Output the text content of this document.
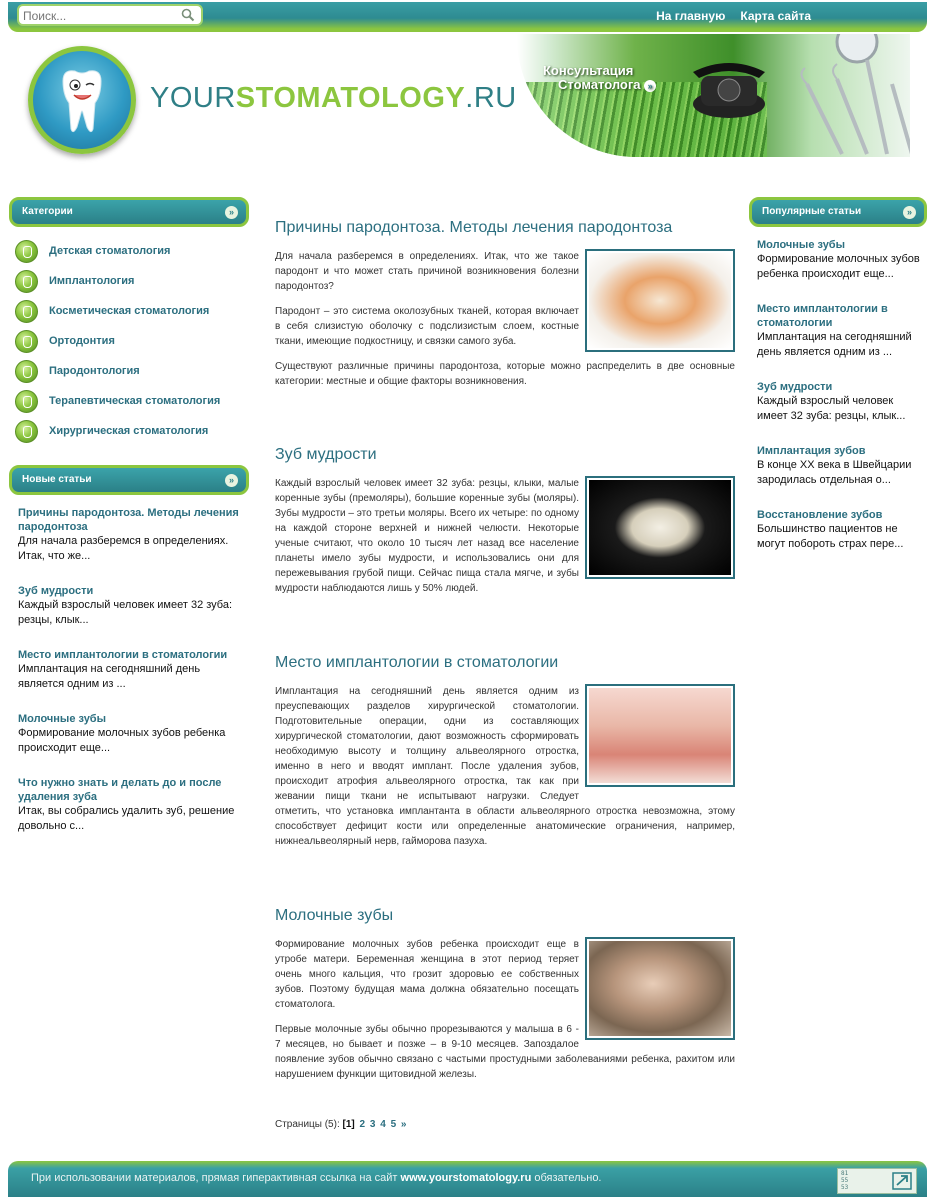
Поиск...
На главную Карта сайта
YOURSTOMATOLOGY.RU
Консультация
Стоматолога »
Категории	»
Детская стоматология
Имплантология
Косметическая стоматология
Ортодонтия
Пародонтология
Терапевтическая стоматология
Хирургическая стоматология
Новые статьи	»
Причины пародонтоза. Методы лечения пародонтоза
Для начала разберемся в определениях. Итак, что же...
Зуб мудрости
Каждый взрослый человек имеет 32 зуба: резцы, клык...
Место имплантологии в стоматологии
Имплантация на сегодняшний день является одним из ...
Молочные зубы
Формирование молочных зубов ребенка происходит еще...
Что нужно знать и делать до и после удаления зуба
Итак, вы собрались удалить зуб, решение довольно с...
Популярные статьи	»
Молочные зубы
Формирование молочных зубов ребенка происходит еще...
Место имплантологии в стоматологии
Имплантация на сегодняшний день является одним из ...
Зуб мудрости
Каждый взрослый человек имеет 32 зуба: резцы, клык...
Имплантация зубов
В конце XX века в Швейцарии зародилась отдельная о...
Восстановление зубов
Большинство пациентов не могут побороть страх пере...
Причины пародонтоза. Методы лечения пародонтоза

Для начала разберемся в определениях. Итак, что же такое пародонт и что может стать причиной возникновения болезни пародонтоз?

Пародонт – это система околозубных тканей, которая включает в себя слизистую оболочку с подслизистым слоем, костные ткани, имеющие подкостницу, и связки самого зуба.

Существуют различные причины пародонтоза, которые можно распределить в две основные категории: местные и общие факторы возникновения.

Зуб мудрости

Каждый взрослый человек имеет 32 зуба: резцы, клыки, малые коренные зубы (премоляры), большие коренные зубы (моляры). Зубы мудрости – это третьи моляры. Всего их четыре: по одному на каждой стороне верхней и нижней челюсти. Некоторые ученые считают, что около 10 тысяч лет назад все население планеты имело зубы мудрости, и использовались они для пережевывания грубой пищи. Сейчас пища стала мягче, и зубы мудрости наблюдаются лишь у 50% людей.

Место имплантологии в стоматологии

Имплантация на сегодняшний день является одним из преуспевающих разделов хирургической стоматологии. Подготовительные операции, одни из составляющих хирургической стоматологии, дают возможность сформировать необходимую высоту и толщину альвеолярного отростка, именно в него и вводят имплант. После удаления зубов, происходит атрофия альвеолярного отростка, так как при жевании пищи ткани не испытывают нагрузки. Следует отметить, что установка имплантанта в области альвеолярного отростка невозможна, этому способствует дефицит кости или определенные анатомические ограничения, например, нижнеальвеолярный нерв, гайморова пазуха.

Молочные зубы

Формирование молочных зубов ребенка происходит еще в утробе матери. Беременная женщина в этот период теряет очень много кальция, что грозит здоровью ее собственных зубов. Поэтому будущая мама должна обязательно посещать стоматолога.

Первые молочные зубы обычно прорезываются у малыша в 6 - 7 месяцев, но бывает и позже – в 9-10 месяцев. Запоздалое появление зубов обычно связано с частыми простудными заболеваниями ребенка, рахитом или нарушением функции щитовидной железы.

Страницы (5): [1] 2 3 4 5 »
При использовании материалов, прямая гиперактивная ссылка на сайт www.yourstomatology.ru обязательно.	81
55
53
